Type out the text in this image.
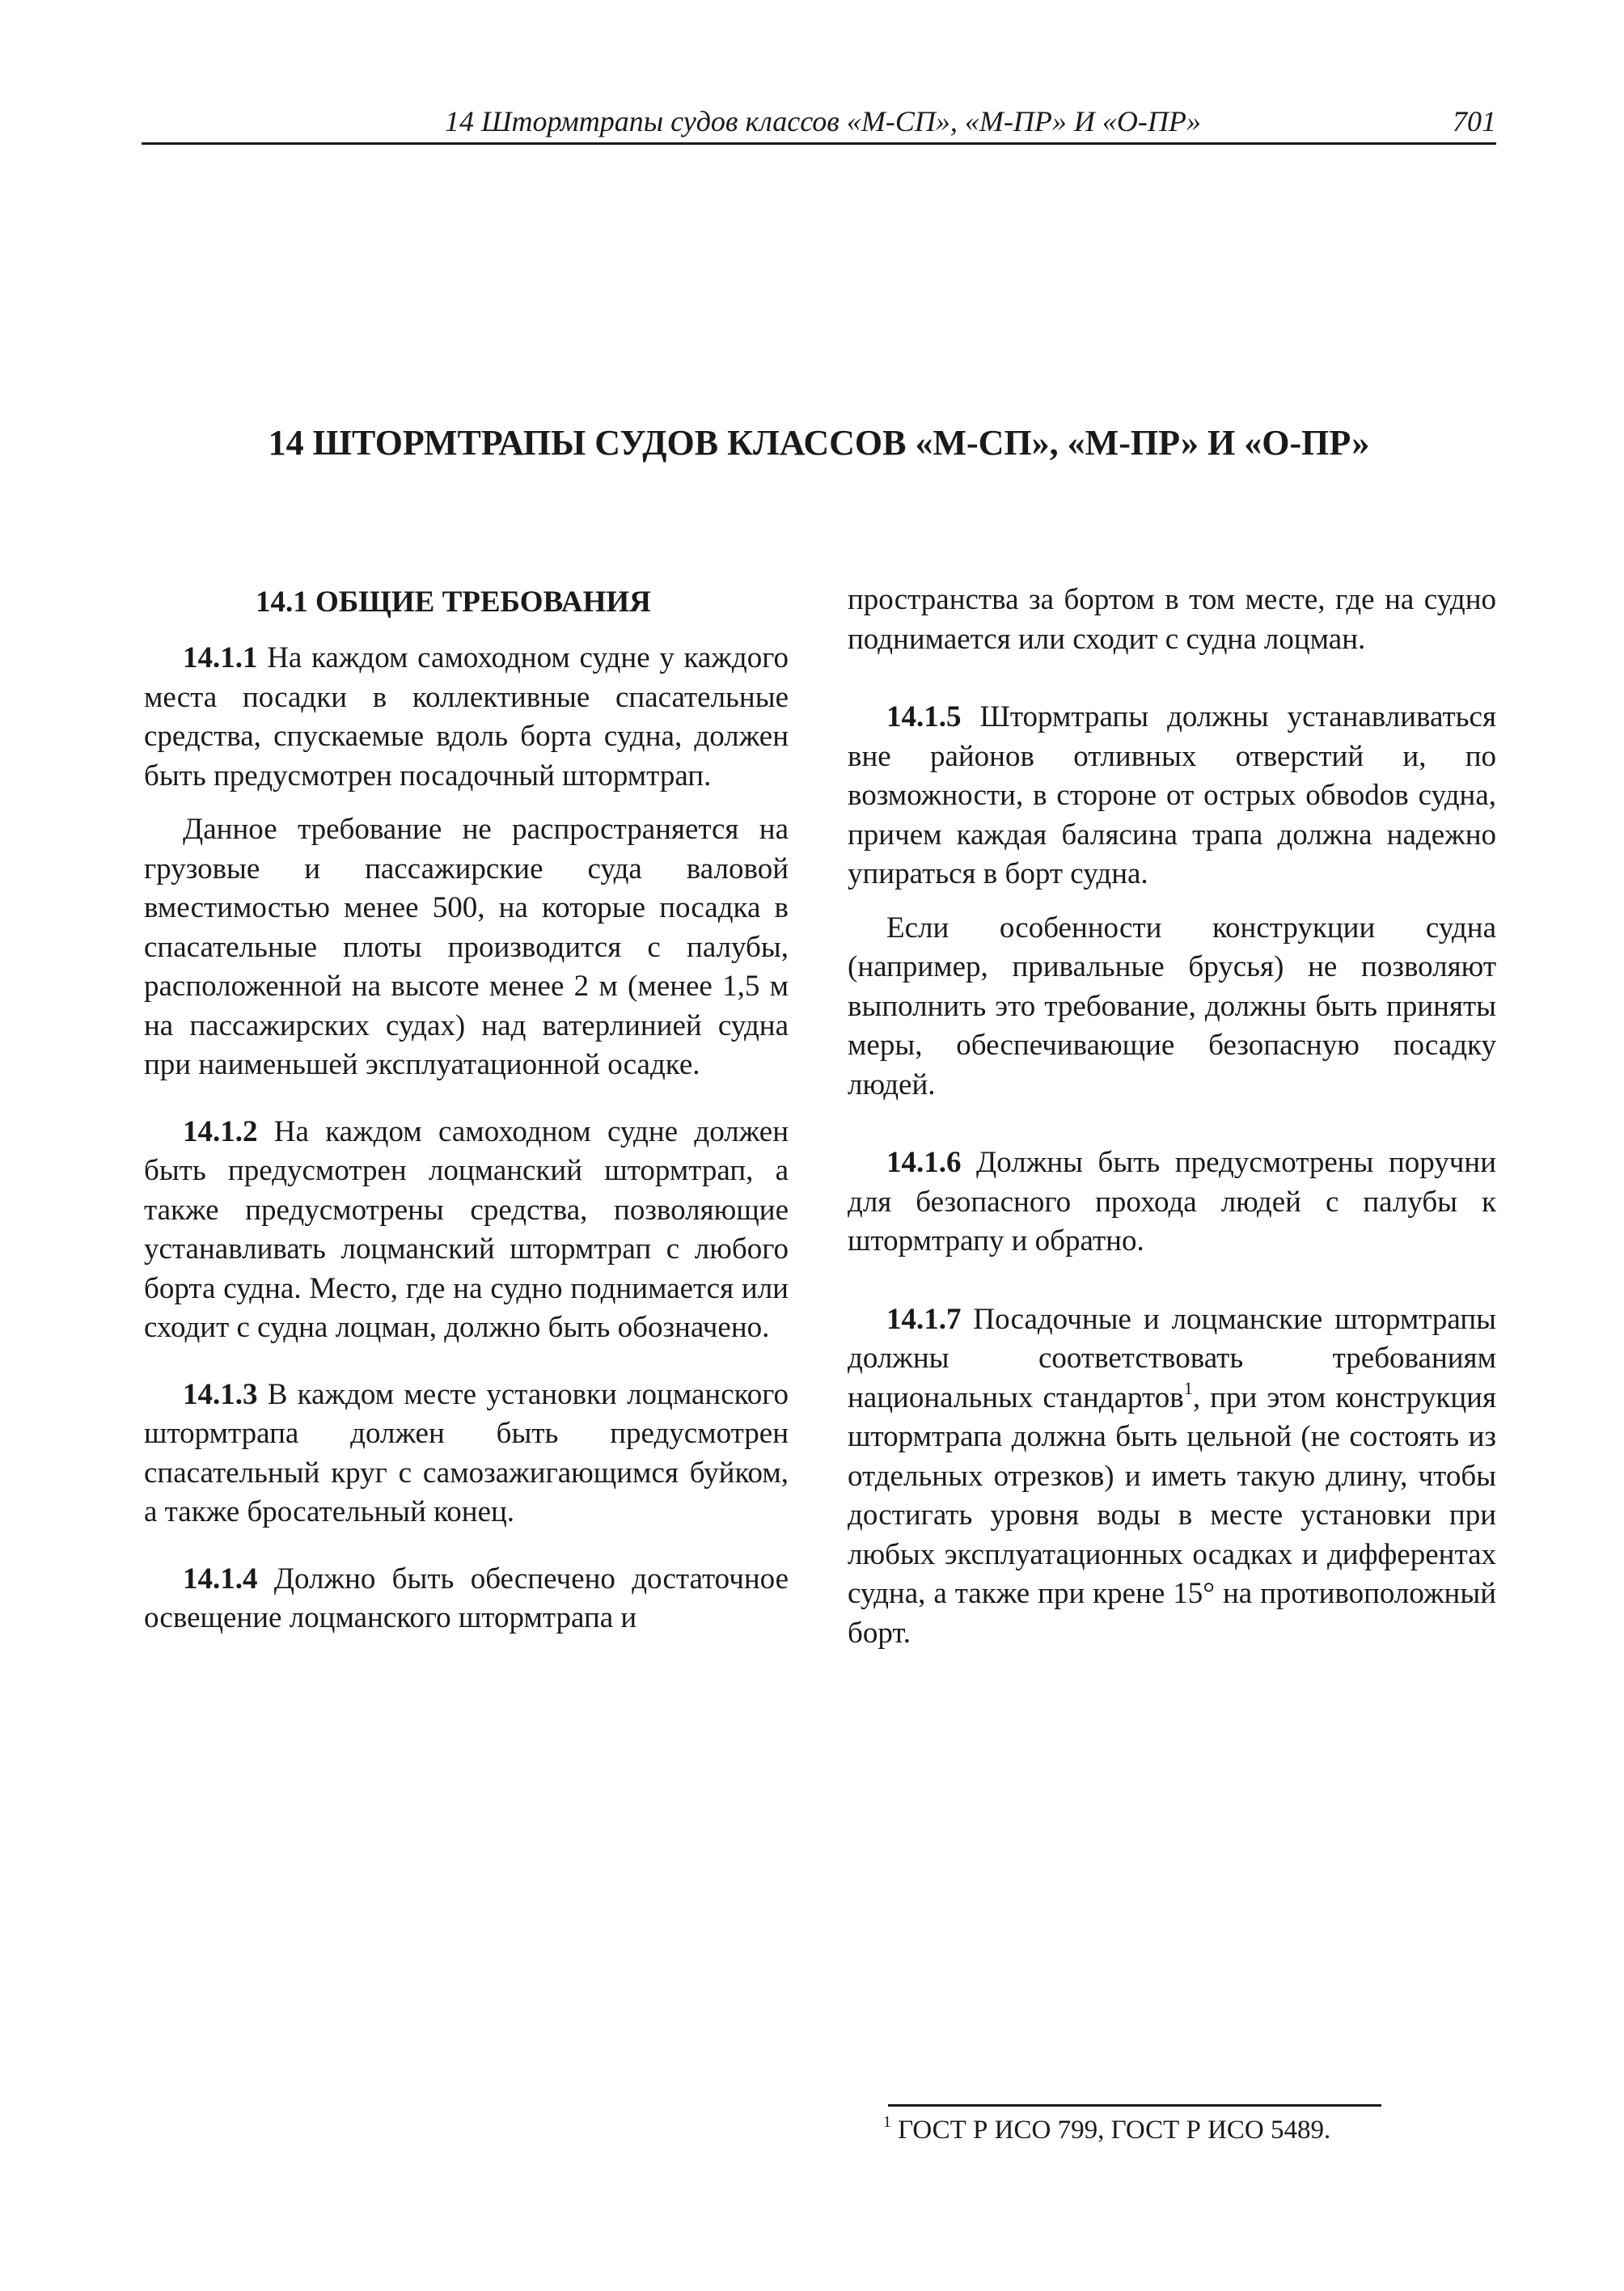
14 Штормтрапы судов классов «М-СП», «М-ПР» И «О-ПР»	701
14 ШТОРМТРАПЫ СУДОВ КЛАССОВ «М-СП», «М-ПР» И «О-ПР»
14.1 ОБЩИЕ ТРЕБОВАНИЯ

14.1.1 На каждом самоходном судне у каждого места посадки в коллективные спасательные средства, спускаемые вдоль борта судна, должен быть предусмотрен посадочный штормтрап.

Данное требование не распространяется на грузовые и пассажирские суда валовой вместимостью менее 500, на которые посадка в спасательные плоты производится с палубы, расположенной на высоте менее 2 м (менее 1,5 м на пассажирских судах) над ватерлинией судна при наименьшей эксплуатационной осадке.

14.1.2 На каждом самоходном судне должен быть предусмотрен лоцманский штормтрап, а также предусмотрены средства, позволяющие устанавливать лоцманский штормтрап с любого борта судна. Место, где на судно поднимается или сходит с судна лоцман, должно быть обозначено.

14.1.3 В каждом месте установки лоцманского штормтрапа должен быть предусмотрен спасательный круг с самозажигающимся буйком, а также бросательный конец.

14.1.4 Должно быть обеспечено достаточное освещение лоцманского штормтрапа и

пространства за бортом в том месте, где на судно поднимается или сходит с судна лоцман.

14.1.5 Штормтрапы должны устанавливаться вне районов отливных отверстий и, по возможности, в стороне от острых обвоdов судна, причем каждая балясина трапа должна надежно упираться в борт судна.

Если особенности конструкции судна (например, привальные брусья) не позволяют выполнить это требование, должны быть приняты меры, обеспечивающие безопасную посадку людей.

14.1.6 Должны быть предусмотрены поручни для безопасного прохода людей с палубы к штормтрапу и обратно.

14.1.7 Посадочные и лоцманские штормтрапы должны соответствовать требованиям национальных стандартов$^1$, при этом конструкция штормтрапа должна быть цельной (не состоять из отдельных отрезков) и иметь такую длину, чтобы достигать уровня воды в месте установки при любых эксплуатационных осадках и дифферентах судна, а также при крене 15° на противоположный борт.

$^1$ ГОСТ Р ИСО 799, ГОСТ Р ИСО 5489.
